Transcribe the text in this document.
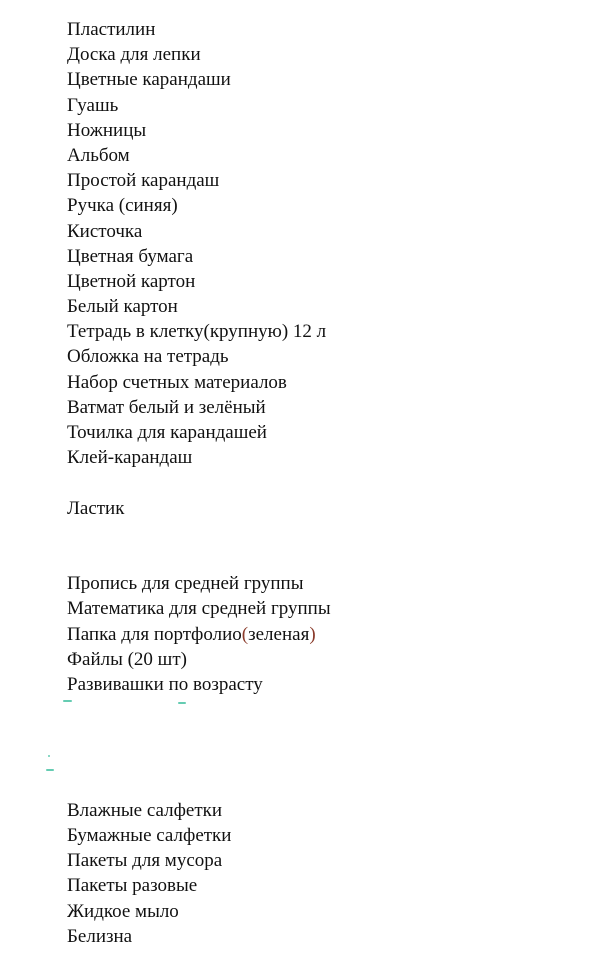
Пластилин
Доска для лепки
Цветные карандаши
Гуашь
Ножницы
Альбом
Простой карандаш
Ручка (синяя)
Кисточка
Цветная бумага
Цветной картон
Белый картон
Тетрадь в клетку(крупную) 12 л
Обложка на тетрадь
Набор счетных материалов
Ватмат белый и зелёный
Точилка для карандашей
Клей-карандаш
Ластик
Пропись для средней группы
Математика для средней группы
Папка для портфолио(зеленая)
Файлы (20 шт)
Развивашки по возрасту
Влажные салфетки
Бумажные салфетки
Пакеты для мусора
Пакеты разовые
Жидкое мыло
Белизна
